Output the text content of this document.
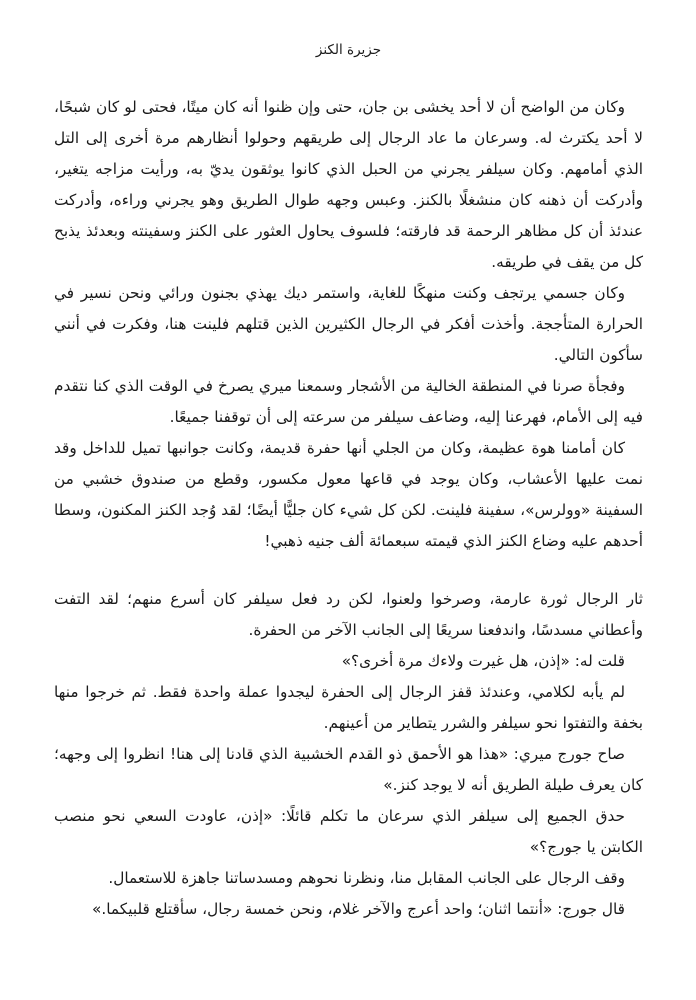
جزيرة الكنز

وكان من الواضح أن لا أحد يخشى بن جان، حتى وإن ظنوا أنه كان ميتًا، فحتى لو كان شبحًا، لا أحد يكترث له. وسرعان ما عاد الرجال إلى طريقهم وحولوا أنظارهم مرة أخرى إلى التل الذي أمامهم. وكان سيلفر يجرني من الحبل الذي كانوا يوثقون يديّ به، ورأيت مزاجه يتغير، وأدركت أن ذهنه كان منشغلًا بالكنز. وعبس وجهه طوال الطريق وهو يجرني وراءه، وأدركت عندئذ أن كل مظاهر الرحمة قد فارقته؛ فلسوف يحاول العثور على الكنز وسفينته وبعدئذ يذبح كل من يقف في طريقه.

وكان جسمي يرتجف وكنت منهكًا للغاية، واستمر ديك يهذي بجنون ورائي ونحن نسير في الحرارة المتأججة. وأخذت أفكر في الرجال الكثيرين الذين قتلهم فلينت هنا، وفكرت في أنني سأكون التالي.

وفجأة صرنا في المنطقة الخالية من الأشجار وسمعنا ميري يصرخ في الوقت الذي كنا نتقدم فيه إلى الأمام، فهرعنا إليه، وضاعف سيلفر من سرعته إلى أن توقفنا جميعًا.

كان أمامنا هوة عظيمة، وكان من الجلي أنها حفرة قديمة، وكانت جوانبها تميل للداخل وقد نمت عليها الأعشاب، وكان يوجد في قاعها معول مكسور، وقطع من صندوق خشبي من السفينة «وولرس»، سفينة فلينت. لكن كل شيء كان جليًّا أيضًا؛ لقد وُجد الكنز المكنون، وسطا أحدهم عليه وضاع الكنز الذي قيمته سبعمائة ألف جنيه ذهبي!

ثار الرجال ثورة عارمة، وصرخوا ولعنوا، لكن رد فعل سيلفر كان أسرع منهم؛ لقد التفت وأعطاني مسدسًا، واندفعنا سريعًا إلى الجانب الآخر من الحفرة.

قلت له: «إذن، هل غيرت ولاءك مرة أخرى؟»

لم يأبه لكلامي، وعندئذ قفز الرجال إلى الحفرة ليجدوا عملة واحدة فقط. ثم خرجوا منها بخفة والتفتوا نحو سيلفر والشرر يتطاير من أعينهم.

صاح جورج ميري: «هذا هو الأحمق ذو القدم الخشبية الذي قادنا إلى هنا! انظروا إلى وجهه؛ كان يعرف طيلة الطريق أنه لا يوجد كنز.»

حدق الجميع إلى سيلفر الذي سرعان ما تكلم قائلًا: «إذن، عاودت السعي نحو منصب الكابتن يا جورج؟»

وقف الرجال على الجانب المقابل منا، ونظرنا نحوهم ومسدساتنا جاهزة للاستعمال.

قال جورج: «أنتما اثنان؛ واحد أعرج والآخر غلام، ونحن خمسة رجال، سأقتلع قلبيكما.»
